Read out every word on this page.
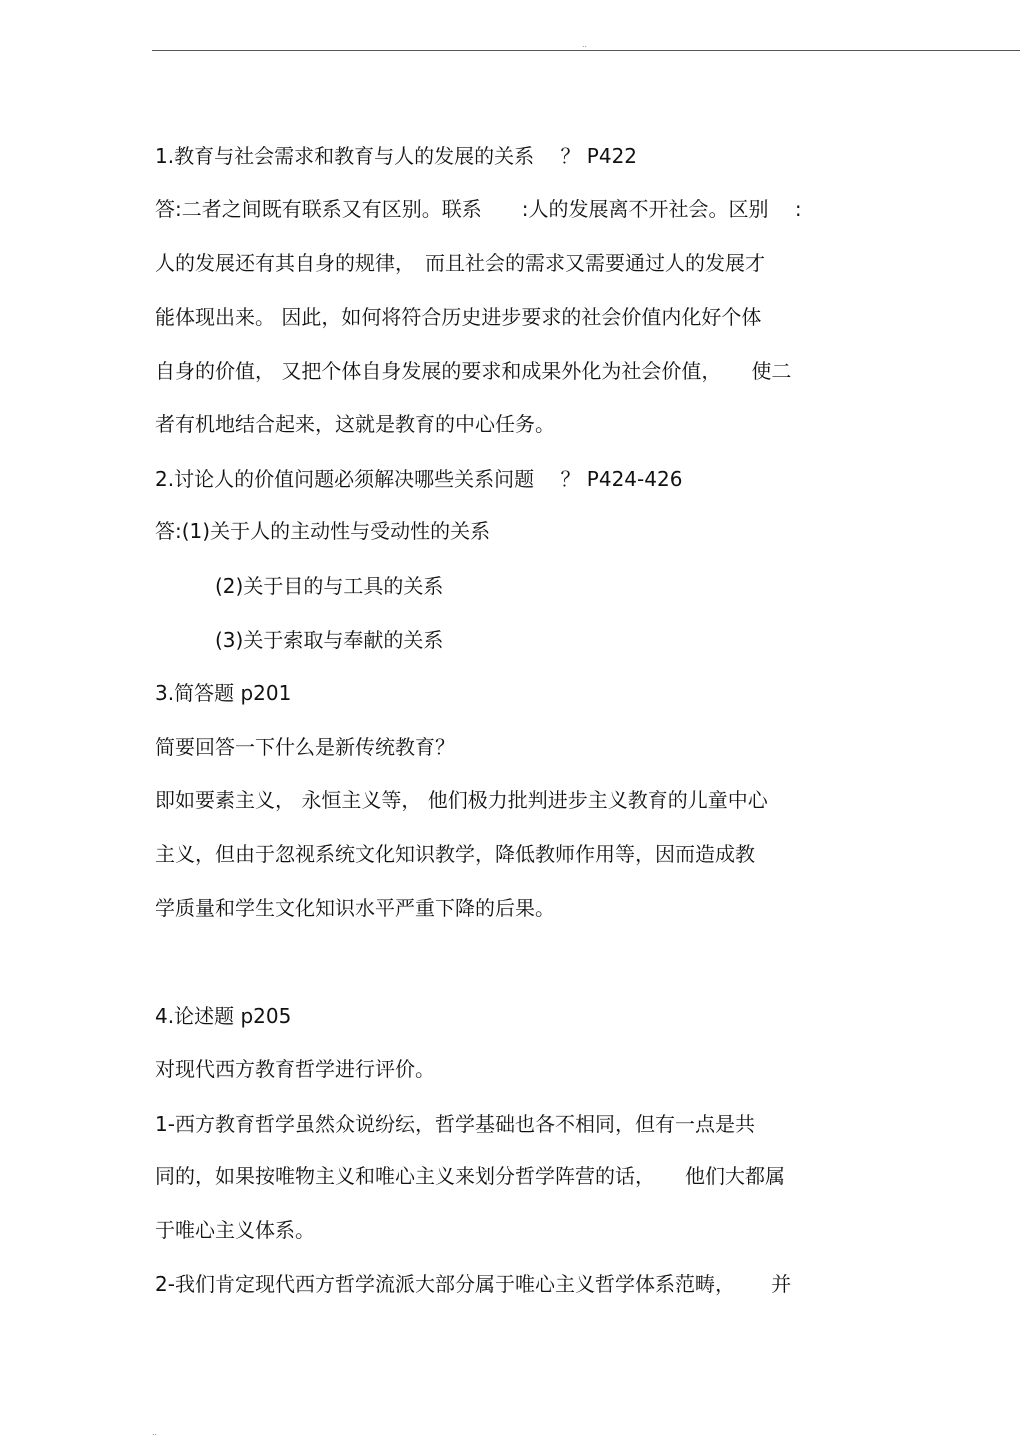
..
1.教育与社会需求和教育与人的发展的关系　 ？ P422
答:二者之间既有联系又有区别。联系　　:人的发展离不开社会。区别　 :
人的发展还有其自身的规律，　而且社会的需求又需要通过人的发展才
能体现出来。 因此，如何将符合历史进步要求的社会价值内化好个体
自身的价值， 又把个体自身发展的要求和成果外化为社会价值，　　使二
者有机地结合起来，这就是教育的中心任务。
2.讨论人的价值问题必须解决哪些关系问题　 ？ P424-426
答:(1)关于人的主动性与受动性的关系
(2)关于目的与工具的关系
(3)关于索取与奉献的关系
3.简答题 p201
简要回答一下什么是新传统教育？
即如要素主义， 永恒主义等， 他们极力批判进步主义教育的儿童中心
主义，但由于忽视系统文化知识教学，降低教师作用等，因而造成教
学质量和学生文化知识水平严重下降的后果。
4.论述题 p205
对现代西方教育哲学进行评价。
1-西方教育哲学虽然众说纷纭，哲学基础也各不相同，但有一点是共
同的，如果按唯物主义和唯心主义来划分哲学阵营的话，　　他们大都属
于唯心主义体系。
2-我们肯定现代西方哲学流派大部分属于唯心主义哲学体系范畴，　　 并
..
